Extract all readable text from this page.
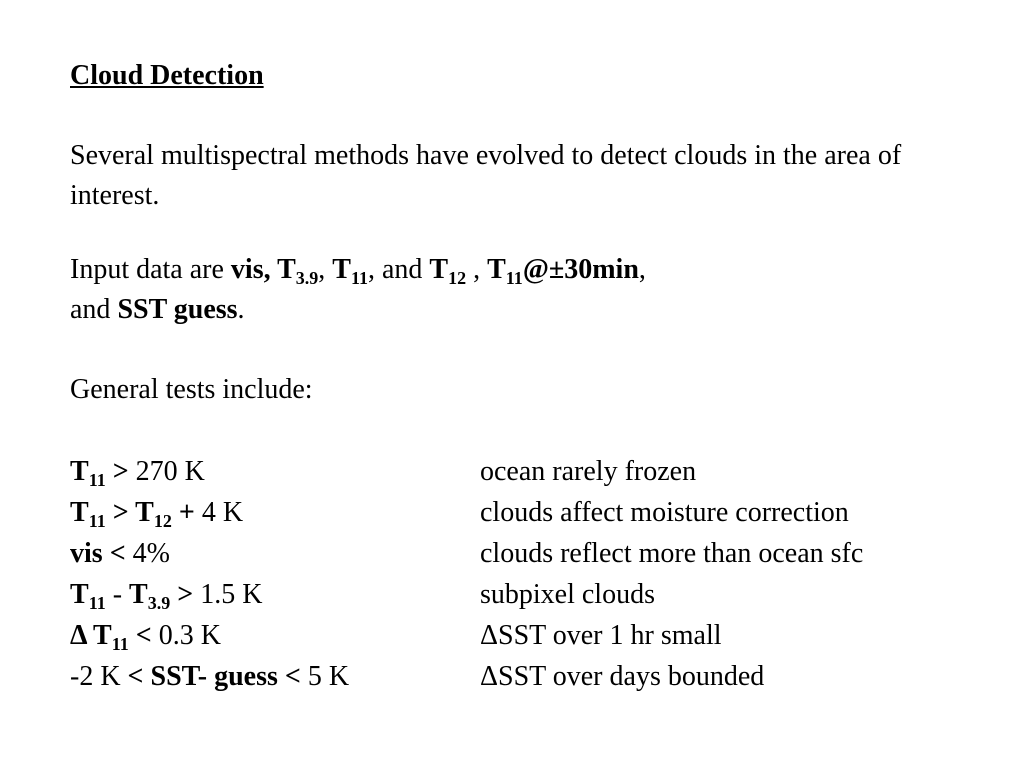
Cloud Detection
Several multispectral methods have evolved to detect clouds in the area of interest.
Input data are vis, $T_{3.9}$, $T_{11}$, and $T_{12}$ , $T_{11}@\pm 30\min$,
and SST guess.
General tests include:
$T_{11} > 270$ K	ocean rarely frozen
$T_{11} > T_{12} + 4$ K	clouds affect moisture correction
vis < 4%	clouds reflect more than ocean sfc
$T_{11} - T_{3.9} > 1.5$ K	subpixel clouds
Δ $T_{11} < 0.3$ K	ΔSST over 1 hr small
-2 K < SST- guess < 5 K	ΔSST over days bounded
